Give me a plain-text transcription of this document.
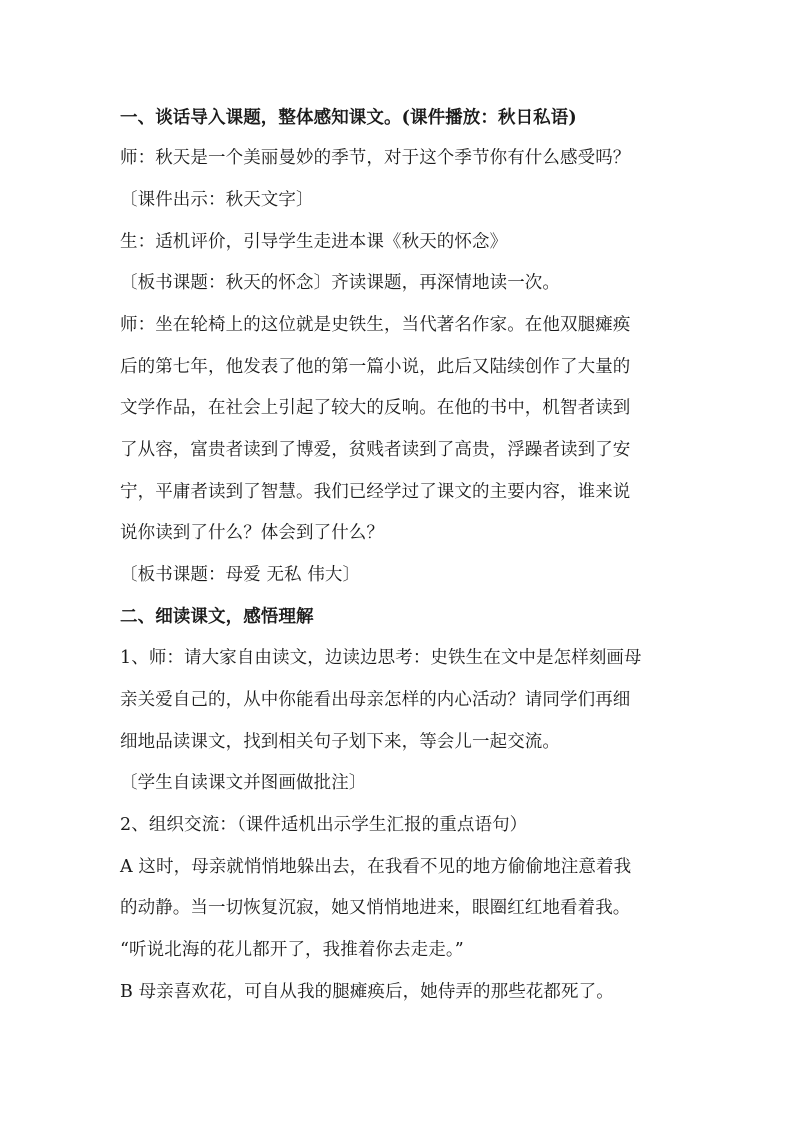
一、谈话导入课题，整体感知课文。(课件播放：秋日私语)
师：秋天是一个美丽曼妙的季节，对于这个季节你有什么感受吗？
〔课件出示：秋天文字〕
生：适机评价，引导学生走进本课《秋天的怀念》
〔板书课题：秋天的怀念〕齐读课题，再深情地读一次。
师：坐在轮椅上的这位就是史铁生，当代著名作家。在他双腿瘫痪
后的第七年，他发表了他的第一篇小说，此后又陆续创作了大量的
文学作品，在社会上引起了较大的反响。在他的书中，机智者读到
了从容，富贵者读到了博爱，贫贱者读到了高贵，浮躁者读到了安
宁，平庸者读到了智慧。我们已经学过了课文的主要内容，谁来说
说你读到了什么？体会到了什么？
〔板书课题：母爱 无私 伟大〕
二、细读课文，感悟理解
1、师：请大家自由读文，边读边思考：史铁生在文中是怎样刻画母
亲关爱自己的，从中你能看出母亲怎样的内心活动？请同学们再细
细地品读课文，找到相关句子划下来，等会儿一起交流。
〔学生自读课文并图画做批注〕
2、组织交流：（课件适机出示学生汇报的重点语句）
A 这时，母亲就悄悄地躲出去，在我看不见的地方偷偷地注意着我
的动静。当一切恢复沉寂，她又悄悄地进来，眼圈红红地看着我。
“听说北海的花儿都开了，我推着你去走走。”
B 母亲喜欢花，可自从我的腿瘫痪后，她侍弄的那些花都死了。
